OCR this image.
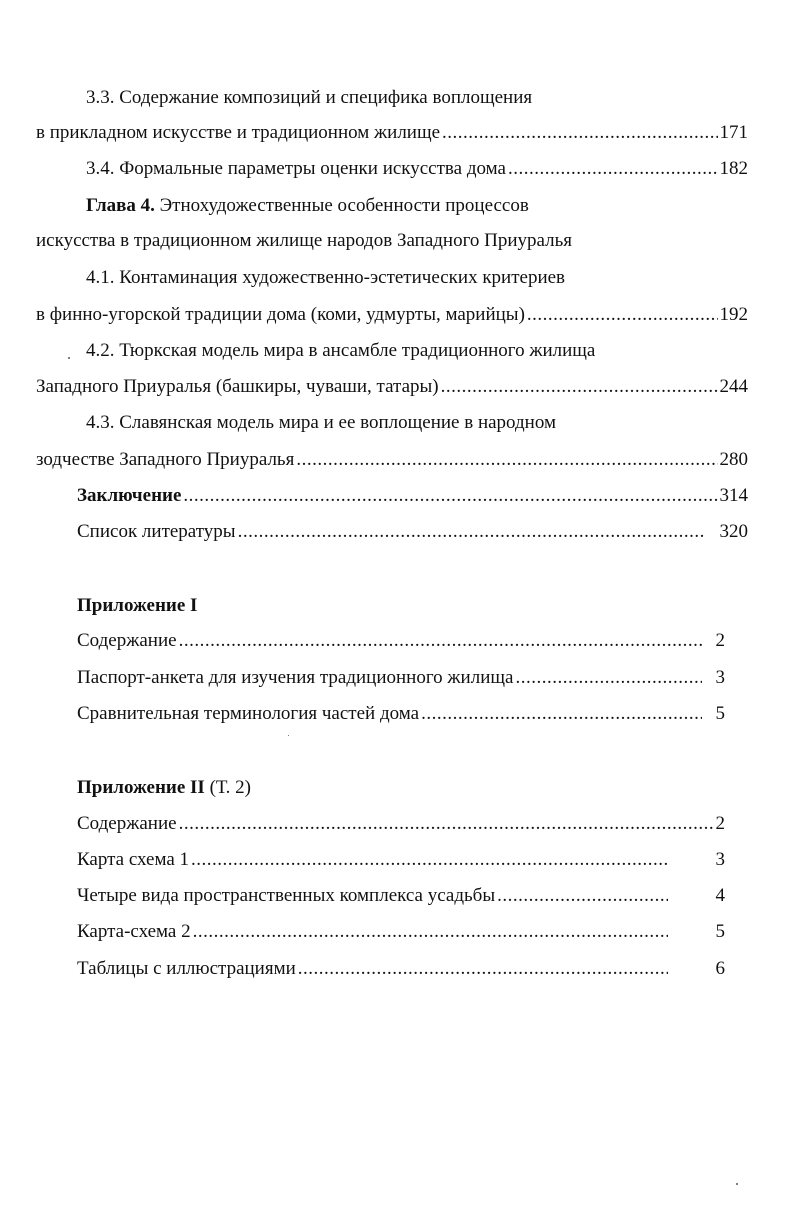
3.3. Содержание композиций и специфика воплощения
в прикладном искусстве и традиционном жилище .....	171
3.4. Формальные параметры оценки искусства дома .....	182
Глава 4. Этнохудожественные особенности процессов
искусства в традиционном жилище народов Западного Приуралья
4.1. Контаминация художественно-эстетических критериев
в финно-угорской традиции дома (коми, удмурты, марийцы) .....	192
4.2. Тюркская модель мира в ансамбле традиционного жилища
Западного Приуралья (башкиры, чуваши, татары) .....	244
4.3. Славянская модель мира и ее воплощение в народном
зодчестве Западного Приуралья .....	280
Заключение .....	314
Список литературы .....	320
Приложение I
Содержание .....	2
Паспорт-анкета для изучения традиционного жилища .....	3
Сравнительная терминология частей дома .....	5
Приложение II (Т. 2)
Содержание .....	2
Карта схема 1 .....	3
Четыре вида пространственных комплекса усадьбы .....	4
Карта-схема 2 .....	5
Таблицы с иллюстрациями .....	6
